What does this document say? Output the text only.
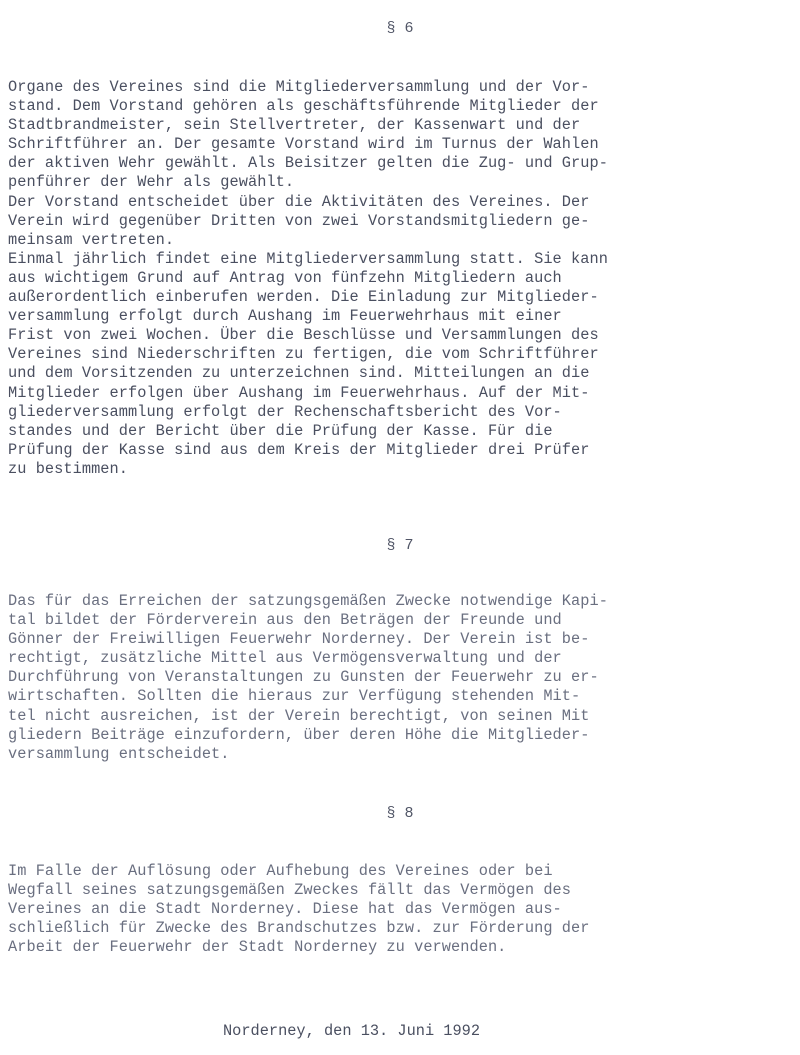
§ 6
Organe des Vereines sind die Mitgliederversammlung und der Vor-
stand. Dem Vorstand gehören als geschäftsführende Mitglieder der
Stadtbrandmeister, sein Stellvertreter, der Kassenwart und der
Schriftführer an. Der gesamte Vorstand wird im Turnus der Wahlen
der aktiven Wehr gewählt. Als Beisitzer gelten die Zug- und Grup-
penführer der Wehr als gewählt.
Der Vorstand entscheidet über die Aktivitäten des Vereines. Der
Verein wird gegenüber Dritten von zwei Vorstandsmitgliedern ge-
meinsam vertreten.
Einmal jährlich findet eine Mitgliederversammlung statt. Sie kann
aus wichtigem Grund auf Antrag von fünfzehn Mitgliedern auch
außerordentlich einberufen werden. Die Einladung zur Mitglieder-
versammlung erfolgt durch Aushang im Feuerwehrhaus mit einer
Frist von zwei Wochen. Über die Beschlüsse und Versammlungen des
Vereines sind Niederschriften zu fertigen, die vom Schriftführer
und dem Vorsitzenden zu unterzeichnen sind. Mitteilungen an die
Mitglieder erfolgen über Aushang im Feuerwehrhaus. Auf der Mit-
gliederversammlung erfolgt der Rechenschaftsbericht des Vor-
standes und der Bericht über die Prüfung der Kasse. Für die
Prüfung der Kasse sind aus dem Kreis der Mitglieder drei Prüfer
zu bestimmen.
§ 7
Das für das Erreichen der satzungsgemäßen Zwecke notwendige Kapi-
tal bildet der Förderverein aus den Beträgen der Freunde und
Gönner der Freiwilligen Feuerwehr Norderney. Der Verein ist be-
rechtigt, zusätzliche Mittel aus Vermögensverwaltung und der
Durchführung von Veranstaltungen zu Gunsten der Feuerwehr zu er-
wirtschaften. Sollten die hieraus zur Verfügung stehenden Mit-
tel nicht ausreichen, ist der Verein berechtigt, von seinen Mit
gliedern Beiträge einzufordern, über deren Höhe die Mitglieder-
versammlung entscheidet.
§ 8
Im Falle der Auflösung oder Aufhebung des Vereines oder bei
Wegfall seines satzungsgemäßen Zweckes fällt das Vermögen des
Vereines an die Stadt Norderney. Diese hat das Vermögen aus-
schließlich für Zwecke des Brandschutzes bzw. zur Förderung der
Arbeit der Feuerwehr der Stadt Norderney zu verwenden.
Norderney, den 13. Juni 1992
